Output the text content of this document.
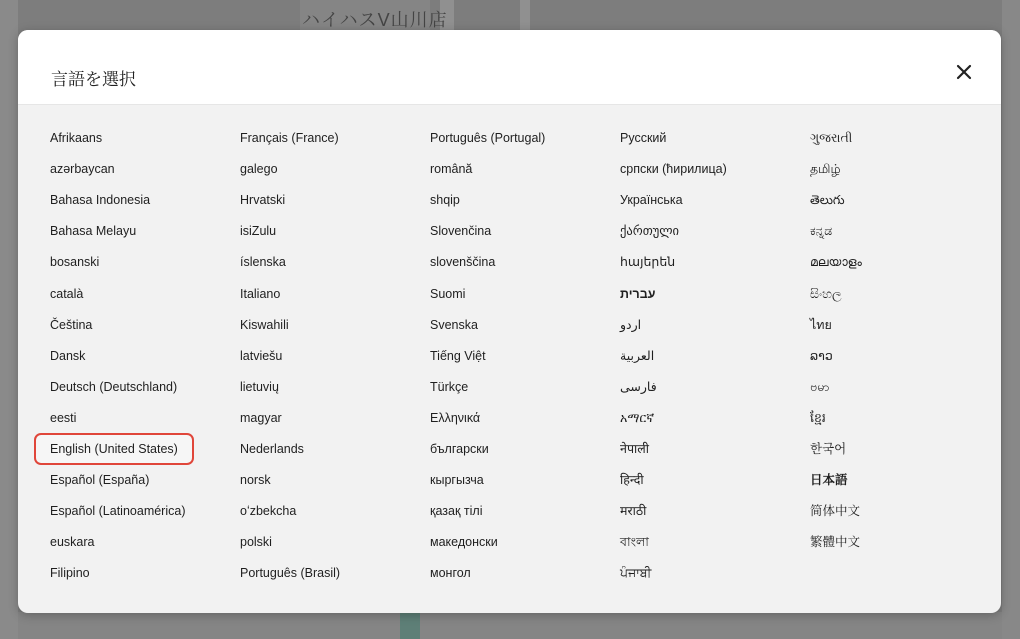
ハイハスV山川店
言語を選択
Afrikaans
azərbaycan
Bahasa Indonesia
Bahasa Melayu
bosanski
català
Čeština
Dansk
Deutsch (Deutschland)
eesti
English (United States)
Español (España)
Español (Latinoamérica)
euskara
Filipino
Français (France)
galego
Hrvatski
isiZulu
íslenska
Italiano
Kiswahili
latviešu
lietuvių
magyar
Nederlands
norsk
oʻzbekcha
polski
Português (Brasil)
Português (Portugal)
română
shqip
Slovenčina
slovenščina
Suomi
Svenska
Tiếng Việt
Türkçe
Ελληνικά
български
кыргызча
қазақ тілі
македонски
монгол
Русский
српски (ћирилица)
Українська
ქართული
հայերեն
עברית
اردو
العربية
فارسی
አማርኛ
नेपाली
हिन्दी
मराठी
বাংলা
ਪੰਜਾਬੀ
ગુજરાતી
தமிழ்
తెలుగు
ಕನ್ನಡ
മലയാളം
සිංහල
ไทย
ລາວ
ဗမာ
ខ្មែរ
한국어
日本語
简体中文
繁體中文
